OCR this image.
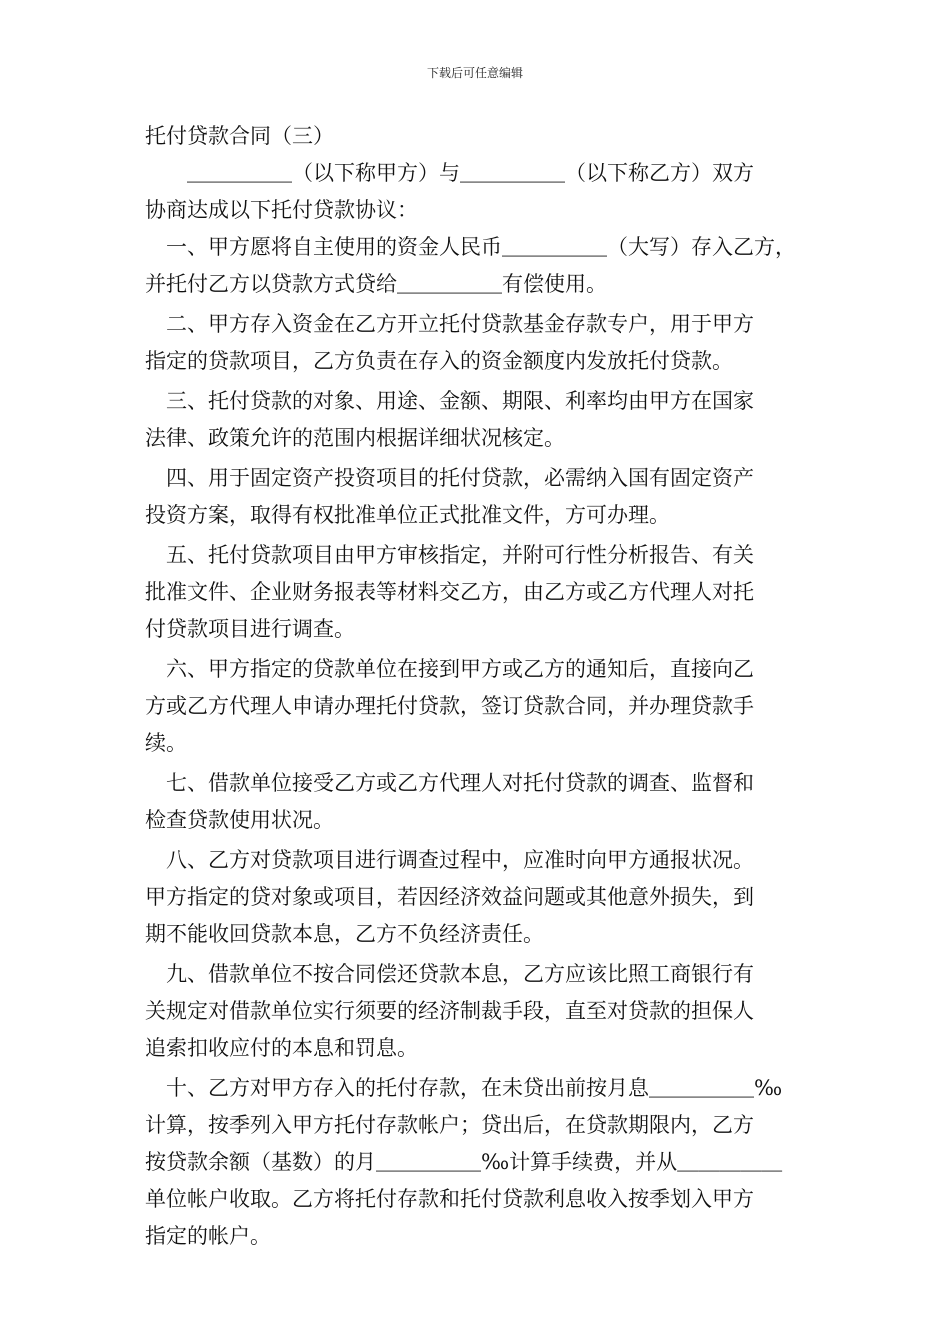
下载后可任意编辑
托付贷款合同（三）
　　＿＿＿＿＿（以下称甲方）与＿＿＿＿＿（以下称乙方）双方
协商达成以下托付贷款协议：
　一、甲方愿将自主使用的资金人民币＿＿＿＿＿（大写）存入乙方，
并托付乙方以贷款方式贷给＿＿＿＿＿有偿使用。
　二、甲方存入资金在乙方开立托付贷款基金存款专户，用于甲方
指定的贷款项目，乙方负责在存入的资金额度内发放托付贷款。
　三、托付贷款的对象、用途、金额、期限、利率均由甲方在国家
法律、政策允许的范围内根据详细状况核定。
　四、用于固定资产投资项目的托付贷款，必需纳入国有固定资产
投资方案，取得有权批准单位正式批准文件，方可办理。
　五、托付贷款项目由甲方审核指定，并附可行性分析报告、有关
批准文件、企业财务报表等材料交乙方，由乙方或乙方代理人对托
付贷款项目进行调查。
　六、甲方指定的贷款单位在接到甲方或乙方的通知后，直接向乙
方或乙方代理人申请办理托付贷款，签订贷款合同，并办理贷款手
续。
　七、借款单位接受乙方或乙方代理人对托付贷款的调查、监督和
检查贷款使用状况。
　八、乙方对贷款项目进行调查过程中，应准时向甲方通报状况。
甲方指定的贷对象或项目，若因经济效益问题或其他意外损失，到
期不能收回贷款本息，乙方不负经济责任。
　九、借款单位不按合同偿还贷款本息，乙方应该比照工商银行有
关规定对借款单位实行须要的经济制裁手段，直至对贷款的担保人
追索扣收应付的本息和罚息。
　十、乙方对甲方存入的托付存款，在未贷出前按月息＿＿＿＿＿‰
计算，按季列入甲方托付存款帐户；贷出后，在贷款期限内，乙方
按贷款余额（基数）的月＿＿＿＿＿‰计算手续费，并从＿＿＿＿＿
单位帐户收取。乙方将托付存款和托付贷款利息收入按季划入甲方
指定的帐户。
